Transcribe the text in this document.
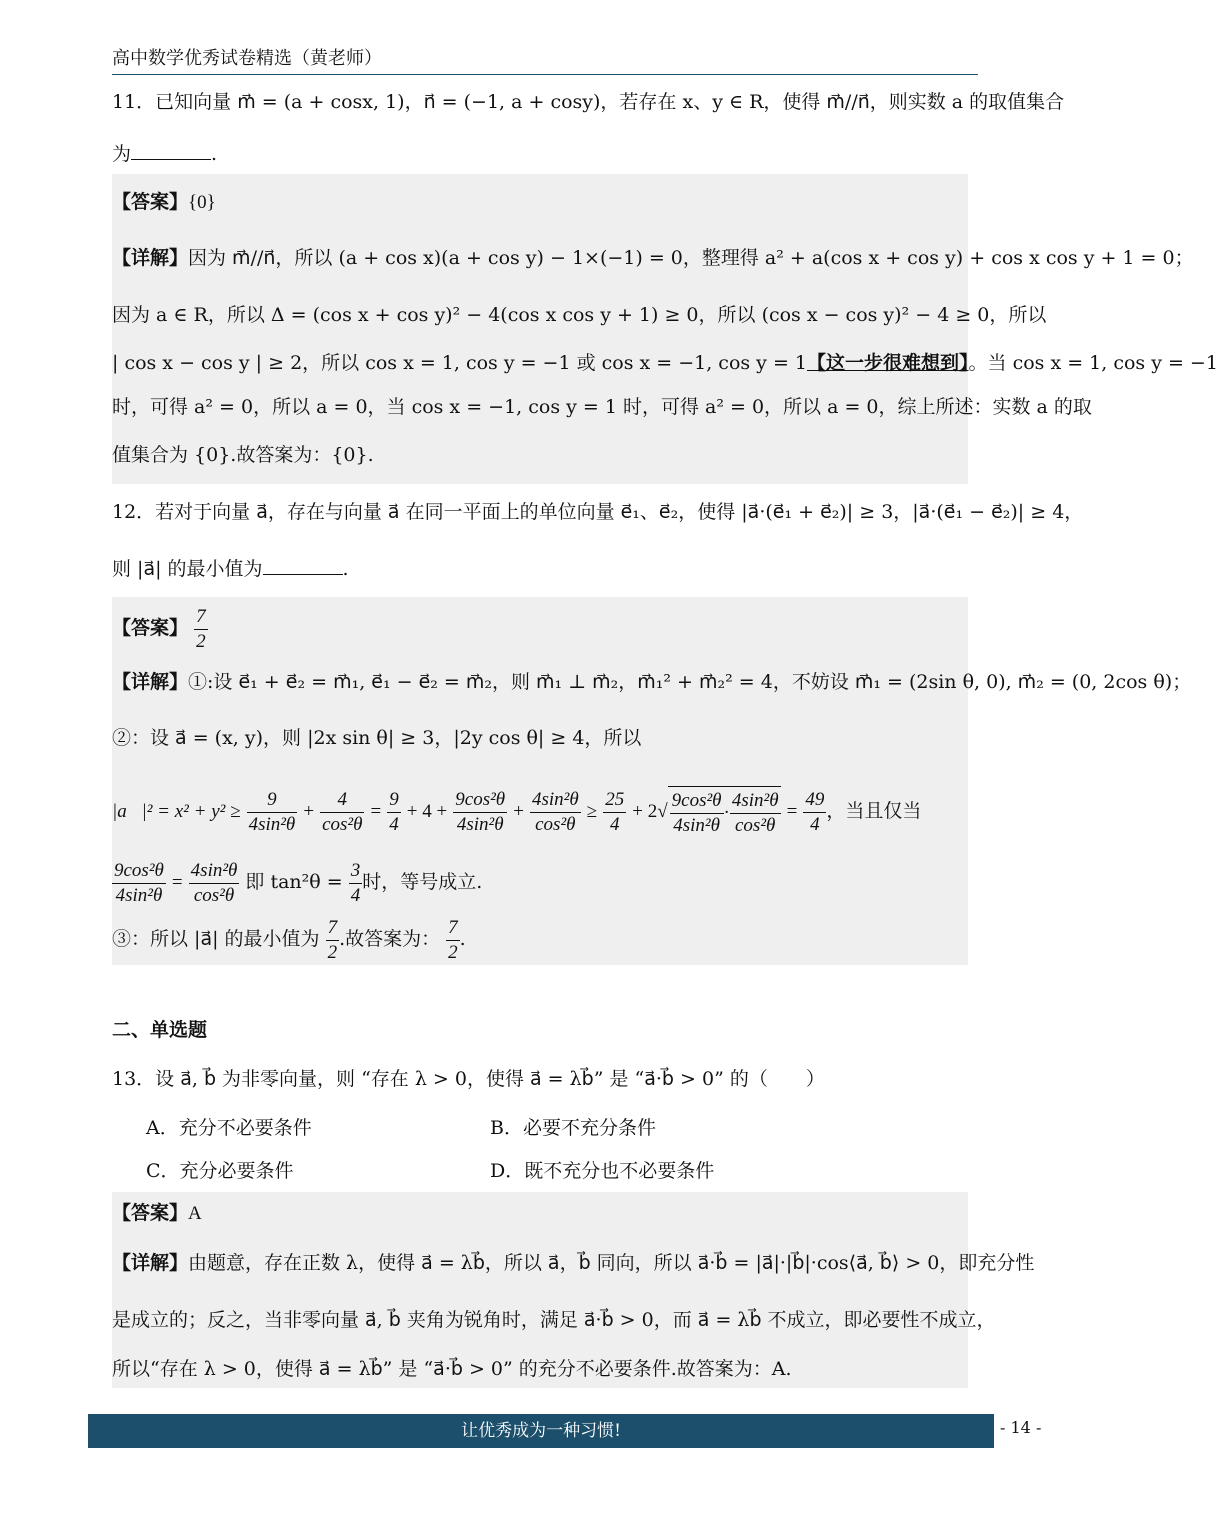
高中数学优秀试卷精选（黄老师）
11．已知向量 m⃗ = (a + cosx, 1)，n⃗ = (−1, a + cosy)，若存在 x、y ∈ R，使得 m⃗//n⃗，则实数 a 的取值集合
为	.
【答案】{0}
【详解】因为 m⃗//n⃗，所以 (a + cos x)(a + cos y) − 1×(−1) = 0，整理得 a² + a(cos x + cos y) + cos x cos y + 1 = 0；
因为 a ∈ R，所以 Δ = (cos x + cos y)² − 4(cos x cos y + 1) ≥ 0，所以 (cos x − cos y)² − 4 ≥ 0，所以
| cos x − cos y | ≥ 2，所以 cos x = 1, cos y = −1 或 cos x = −1, cos y = 1【这一步很难想到】。当 cos x = 1, cos y = −1
时，可得 a² = 0，所以 a = 0，当 cos x = −1, cos y = 1 时，可得 a² = 0，所以 a = 0，综上所述：实数 a 的取
值集合为 {0}.故答案为：{0}.
12．若对于向量 a⃗，存在与向量 a⃗ 在同一平面上的单位向量 e⃗₁、e⃗₂，使得 |a⃗·(e⃗₁ + e⃗₂)| ≥ 3，|a⃗·(e⃗₁ − e⃗₂)| ≥ 4，
则 |a⃗| 的最小值为	.
【答案】 $\frac{7}{2}$
【详解】①:设 e⃗₁ + e⃗₂ = m⃗₁, e⃗₁ − e⃗₂ = m⃗₂，则 m⃗₁ ⊥ m⃗₂，m⃗₁² + m⃗₂² = 4，不妨设 m⃗₁ = (2sin θ, 0), m⃗₂ = (0, 2cos θ)；
②：设 a⃗ = (x, y)，则 |2x sin θ| ≥ 3，|2y cos θ| ≥ 4，所以
|a⃗|² = $x^2 + y^2 \ge \frac{9}{\text{4sin²θ}} + \frac{4}{\text{cos²θ}} = \frac{9}{4} + 4 + \frac{\text{9cos²θ}}{\text{4sin²θ}} + \frac{\text{4sin²θ}}{\text{cos²θ}} \ge \frac{25}{4} + 2√ \frac{\text{9cos²θ}}{\text{4sin²θ}} \cdot \frac{\text{4sin²θ}}{\text{cos²θ}} = \frac{49}{4}$ ，当且仅当
$\frac{\text{9cos²θ}}{\text{4sin²θ}} = \frac{\text{4sin²θ}}{\text{cos²θ}}$ 即 $\tan^2\theta = \frac{3}{4}$ 时，等号成立.
③：所以 |a⃗| 的最小值为 $\frac{7}{2}$ .故答案为： $\frac{7}{2}$ .
二、单选题
13．设 a⃗, b⃗ 为非零向量，则 “存在 λ > 0，使得 a⃗ = λb⃗” 是 “a⃗·b⃗ > 0” 的（　　）
A．充分不必要条件	B．必要不充分条件
C．充分必要条件	D．既不充分也不必要条件
【答案】A
【详解】由题意，存在正数 λ，使得 a⃗ = λb⃗，所以 a⃗，b⃗ 同向，所以 a⃗·b⃗ = |a⃗|·|b⃗|·cos⟨a⃗, b⃗⟩ > 0，即充分性
是成立的；反之，当非零向量 a⃗, b⃗ 夹角为锐角时，满足 a⃗·b⃗ > 0，而 a⃗ = λb⃗ 不成立，即必要性不成立，
所以“存在 λ > 0，使得 a⃗ = λb⃗” 是 “a⃗·b⃗ > 0” 的充分不必要条件.故答案为：A.
让优秀成为一种习惯!	- 14 -
